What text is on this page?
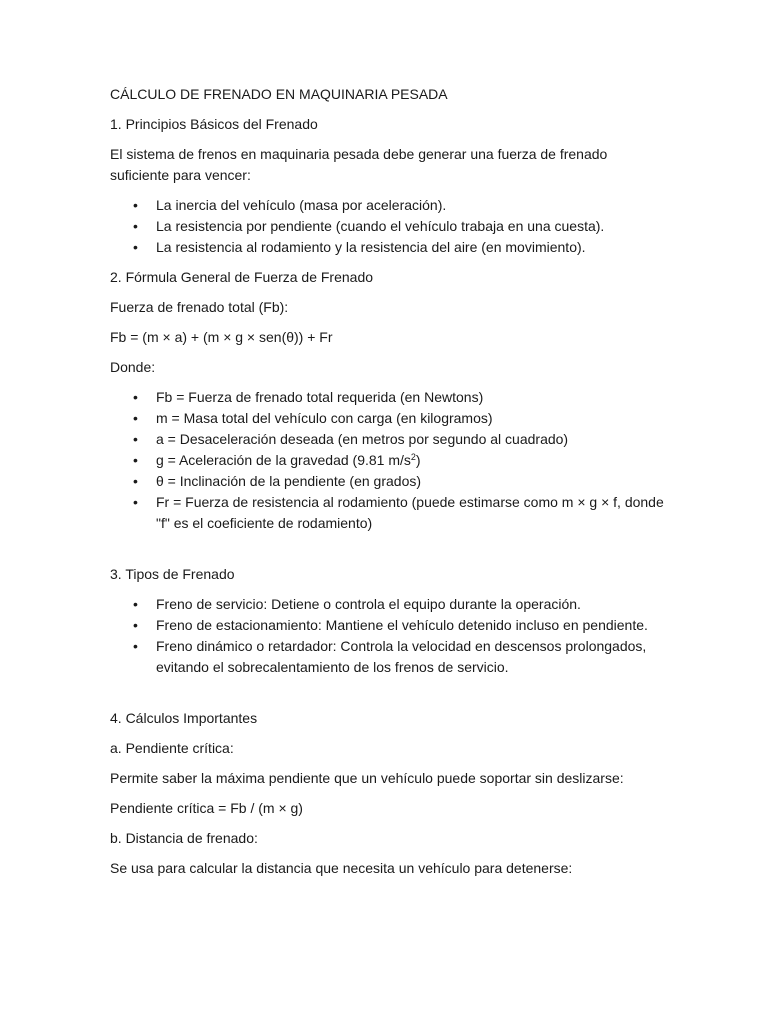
CÁLCULO DE FRENADO EN MAQUINARIA PESADA

1. Principios Básicos del Frenado

El sistema de frenos en maquinaria pesada debe generar una fuerza de frenado suficiente para vencer:

• La inercia del vehículo (masa por aceleración).
• La resistencia por pendiente (cuando el vehículo trabaja en una cuesta).
• La resistencia al rodamiento y la resistencia del aire (en movimiento).

2. Fórmula General de Fuerza de Frenado

Fuerza de frenado total (Fb):

Fb = (m × a) + (m × g × sen(θ)) + Fr

Donde:

• Fb = Fuerza de frenado total requerida (en Newtons)
• m = Masa total del vehículo con carga (en kilogramos)
• a = Desaceleración deseada (en metros por segundo al cuadrado)
• g = Aceleración de la gravedad (9.81 $m/s^2$)
• θ = Inclinación de la pendiente (en grados)
• Fr = Fuerza de resistencia al rodamiento (puede estimarse como m × g × f, donde "f" es el coeficiente de rodamiento)

3. Tipos de Frenado

• Freno de servicio: Detiene o controla el equipo durante la operación.
• Freno de estacionamiento: Mantiene el vehículo detenido incluso en pendiente.
• Freno dinámico o retardador: Controla la velocidad en descensos prolongados, evitando el sobrecalentamiento de los frenos de servicio.

4. Cálculos Importantes

a. Pendiente crítica:

Permite saber la máxima pendiente que un vehículo puede soportar sin deslizarse:

Pendiente crítica = Fb / (m × g)

b. Distancia de frenado:

Se usa para calcular la distancia que necesita un vehículo para detenerse:
